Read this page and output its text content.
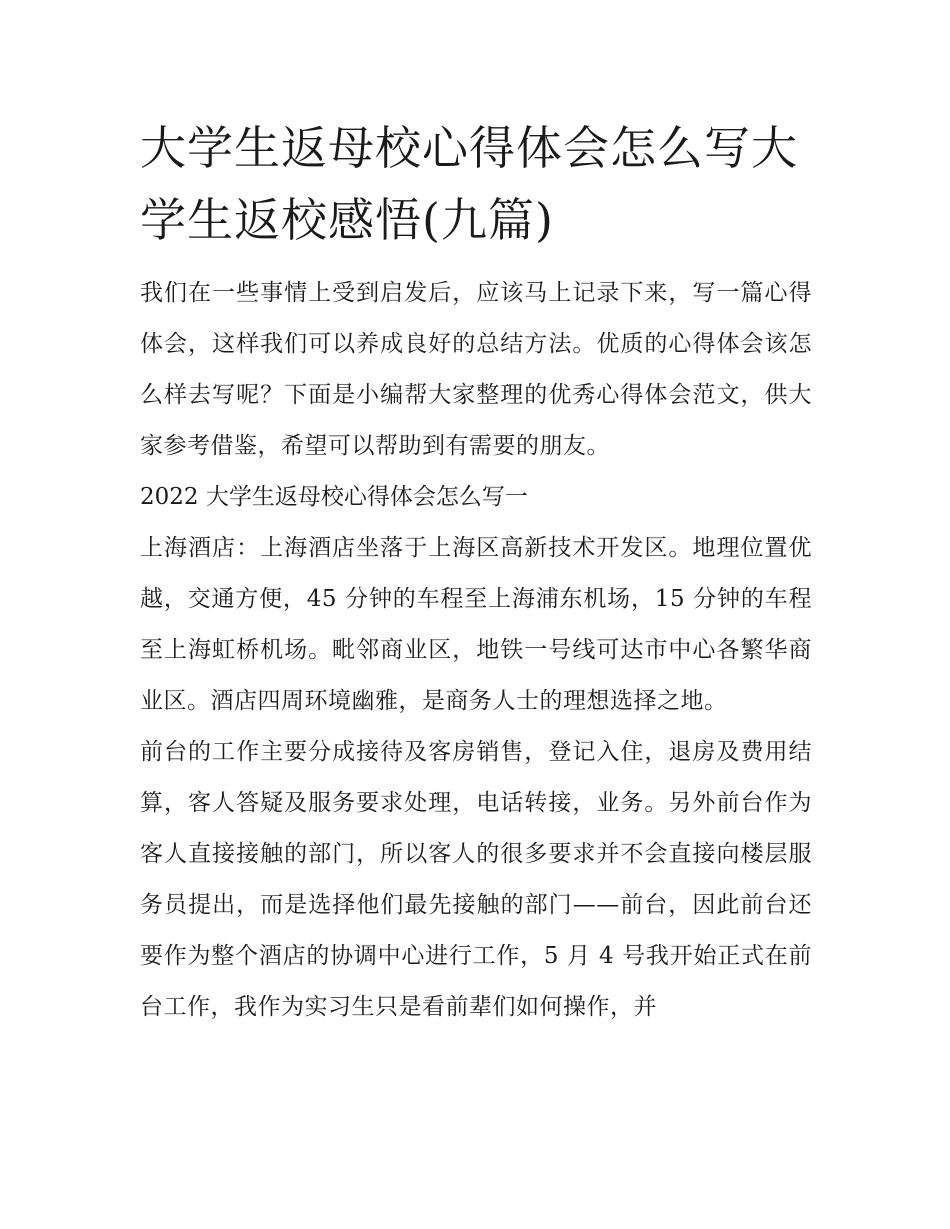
大学生返母校心得体会怎么写大学生返校感悟(九篇)

我们在一些事情上受到启发后，应该马上记录下来，写一篇心得体会，这样我们可以养成良好的总结方法。优质的心得体会该怎么样去写呢？下面是小编帮大家整理的优秀心得体会范文，供大家参考借鉴，希望可以帮助到有需要的朋友。

2022 大学生返母校心得体会怎么写一

上海酒店：上海酒店坐落于上海区高新技术开发区。地理位置优越，交通方便，45 分钟的车程至上海浦东机场，15 分钟的车程至上海虹桥机场。毗邻商业区，地铁一号线可达市中心各繁华商业区。酒店四周环境幽雅，是商务人士的理想选择之地。

前台的工作主要分成接待及客房销售，登记入住，退房及费用结算，客人答疑及服务要求处理，电话转接，业务。另外前台作为客人直接接触的部门，所以客人的很多要求并不会直接向楼层服务员提出，而是选择他们最先接触的部门——前台，因此前台还要作为整个酒店的协调中心进行工作，5 月 4 号我开始正式在前台工作，我作为实习生只是看前辈们如何操作，并
